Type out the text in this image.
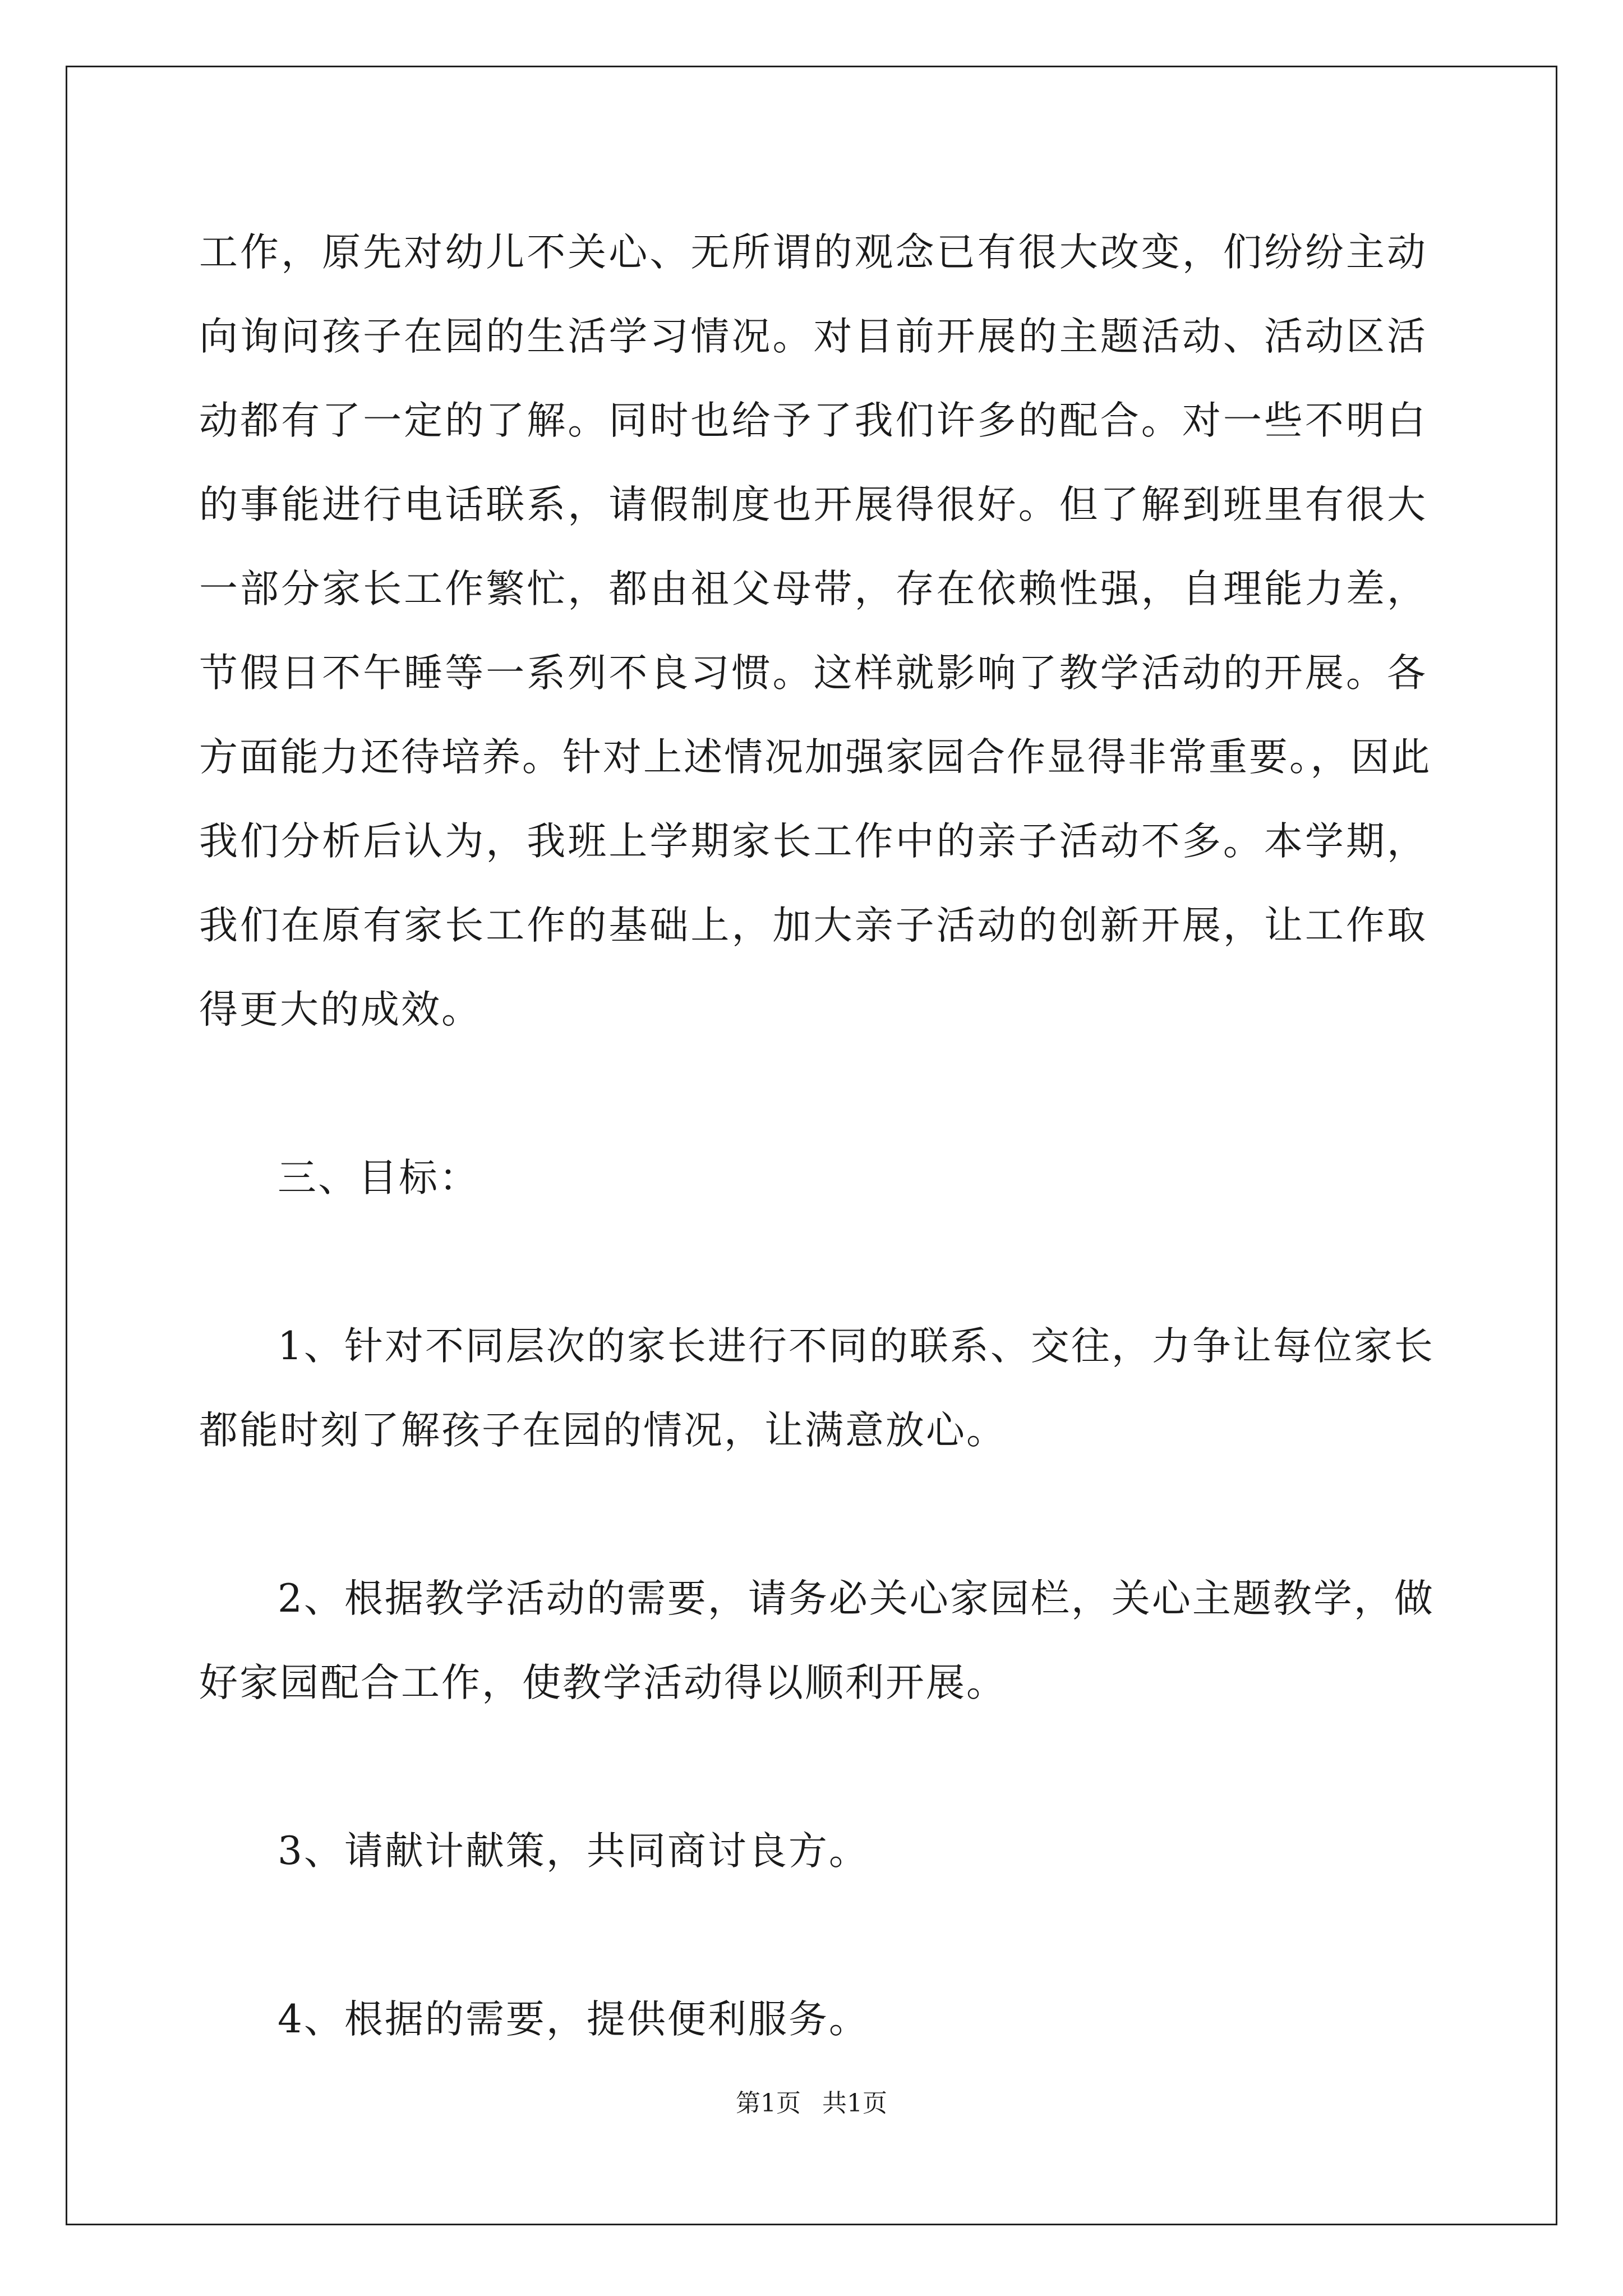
工作，原先对幼儿不关心、无所谓的观念已有很大改变，们纷纷主动
向询问孩子在园的生活学习情况。对目前开展的主题活动、活动区活
动都有了一定的了解。同时也给予了我们许多的配合。对一些不明白
的事能进行电话联系，请假制度也开展得很好。但了解到班里有很大
一部分家长工作繁忙，都由祖父母带，存在依赖性强，自理能力差，
节假日不午睡等一系列不良习惯。这样就影响了教学活动的开展。各
方面能力还待培养。针对上述情况加强家园合作显得非常重要。，因此
我们分析后认为，我班上学期家长工作中的亲子活动不多。本学期，
我们在原有家长工作的基础上，加大亲子活动的创新开展，让工作取
得更大的成效。
三、目标：
1、针对不同层次的家长进行不同的联系、交往，力争让每位家长
都能时刻了解孩子在园的情况，让满意放心。
2、根据教学活动的需要，请务必关心家园栏，关心主题教学，做
好家园配合工作，使教学活动得以顺利开展。
3、请献计献策，共同商讨良方。
4、根据的需要，提供便利服务。
第1页 共1页
